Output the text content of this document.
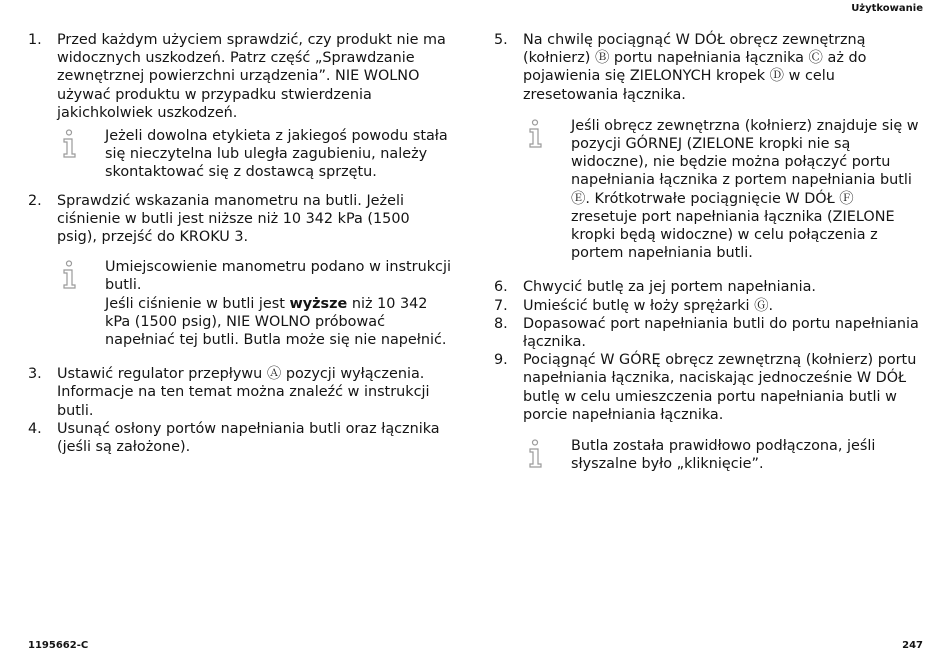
Użytkowanie
1. Przed każdym użyciem sprawdzić, czy produkt nie ma widocznych uszkodzeń. Patrz część „Sprawdzanie zewnętrznej powierzchni urządzenia”. NIE WOLNO używać produktu w przypadku stwierdzenia jakichkolwiek uszkodzeń.
Jeżeli dowolna etykieta z jakiegoś powodu stała się nieczytelna lub uległa zagubieniu, należy skontaktować się z dostawcą sprzętu.
2. Sprawdzić wskazania manometru na butli. Jeżeli ciśnienie w butli jest niższe niż 10 342 kPa (1500 psig), przejść do KROKU 3.

Umiejscowienie manometru podano w instrukcji butli.

Jeśli ciśnienie w butli jest wyższe niż 10 342 kPa (1500 psig), NIE WOLNO próbować napełniać tej butli. Butla może się nie napełnić.

3. Ustawić regulator przepływu Ⓐ pozycji wyłączenia. Informacje na ten temat można znaleźć w instrukcji butli.
4. Usunąć osłony portów napełniania butli oraz łącznika (jeśli są założone).
5. Na chwilę pociągnąć W DÓŁ obręcz zewnętrzną (kołnierz) Ⓑ portu napełniania łącznika Ⓒ aż do pojawienia się ZIELONYCH kropek Ⓓ w celu zresetowania łącznika.
Jeśli obręcz zewnętrzna (kołnierz) znajduje się w pozycji GÓRNEJ (ZIELONE kropki nie są widoczne), nie będzie można połączyć portu napełniania łącznika z portem napełniania butli Ⓔ. Krótkotrwałe pociągnięcie W DÓŁ Ⓕ zresetuje port napełniania łącznika (ZIELONE kropki będą widoczne) w celu połączenia z portem napełniania butli.
6. Chwycić butlę za jej portem napełniania.
7. Umieścić butlę w łoży sprężarki Ⓖ.
8. Dopasować port napełniania butli do portu napełniania łącznika.
9. Pociągnąć W GÓRĘ obręcz zewnętrzną (kołnierz) portu napełniania łącznika, naciskając jednocześnie W DÓŁ butlę w celu umieszczenia portu napełniania butli w porcie napełniania łącznika.
Butla została prawidłowo podłączona, jeśli słyszalne było „kliknięcie”.
1195662-C	247
